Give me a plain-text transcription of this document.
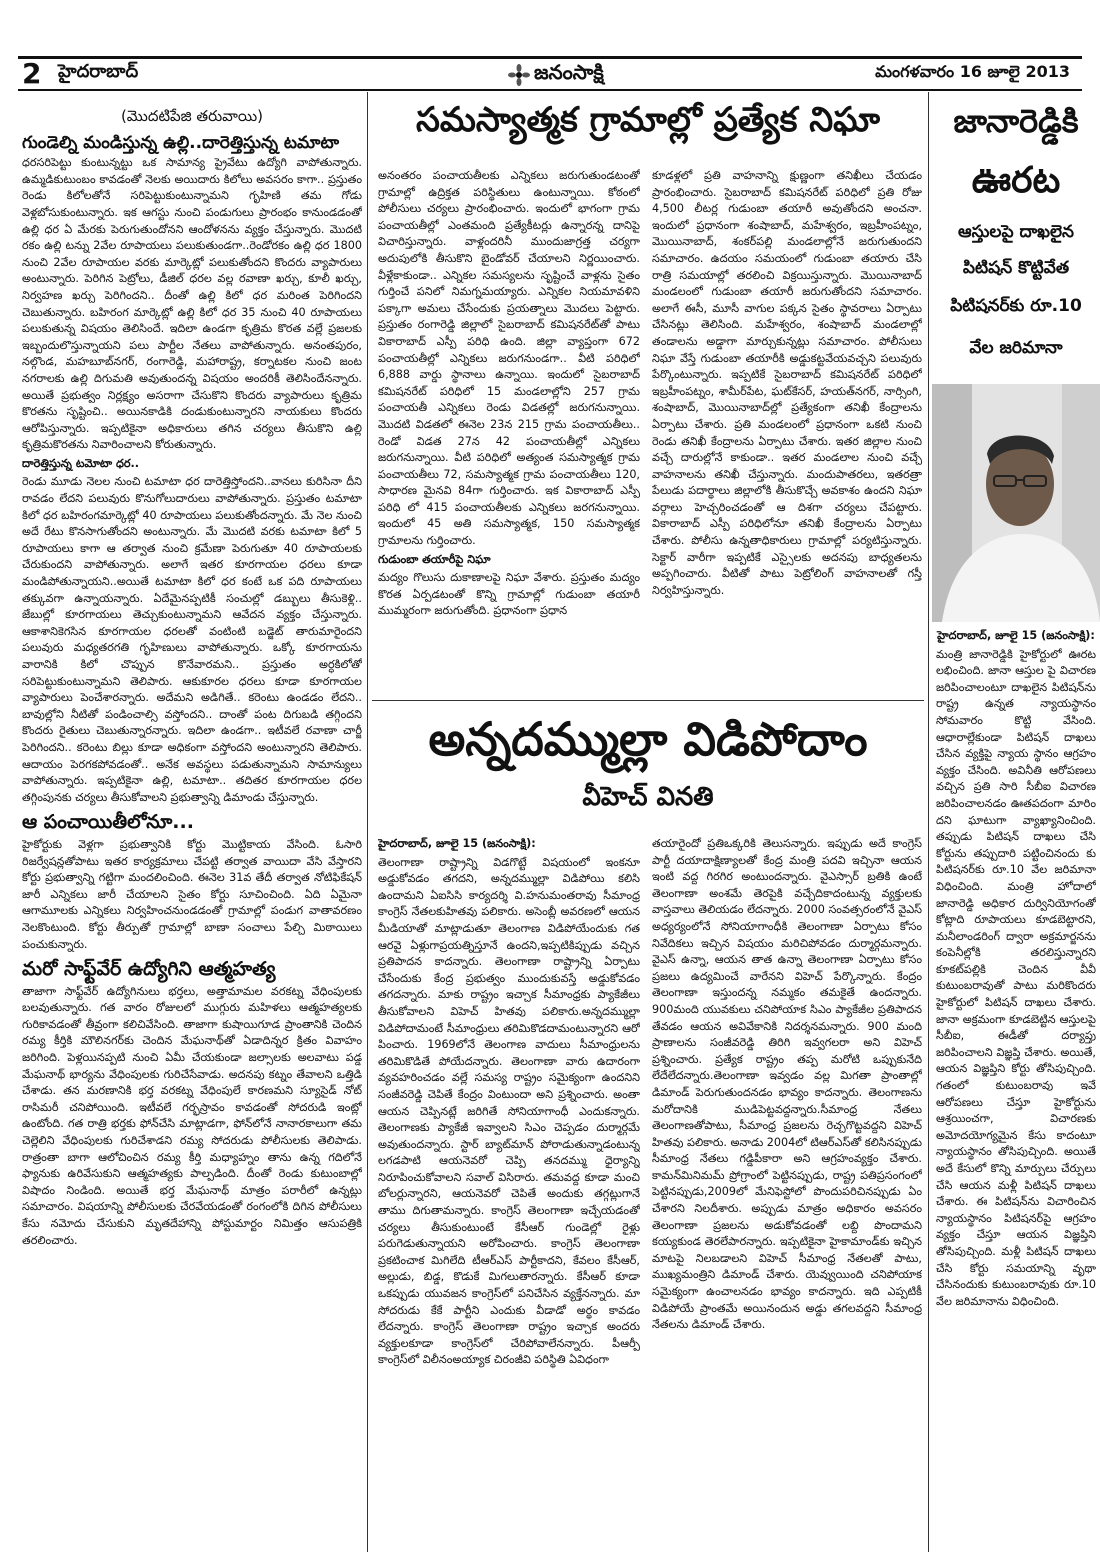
2 హైదరాబాద్	జనంసాక్షి	మంగళవారం 16 జూలై 2013
(మొదటిపేజి తరువాయి)
గుండెల్ని మండిస్తున్న ఉల్లి..దారెత్తిస్తున్న టమాటా

ధరసరిపెట్టు కుంటున్నట్టు ఒక సామాన్య ప్రైవేటు ఉద్యోగి వాపోతున్నారు. ఉమ్మడికుటుంబం కావడంతో నెలకు అయిదారు కిలోలు అవసరం కాగా.. ప్రస్తుతం రెండు కిలోలతోనే సరిపెట్టుకుంటున్నామని గృహిణి తమ గోడు వెళ్లబోసుకుంటున్నారు. ఇక ఆగస్టు నుంచి పండుగులు ప్రారంభం కానుండడంతో ఉల్లి ధర ఏ మేరకు పెరుగుతుందోనని ఆందోళనను వ్యక్తం చేస్తున్నారు. మొదటి రకం ఉల్లి టన్ను 2వేల రూపాయలు పలుకుతుండగా..రెండోరకం ఉల్లి ధర 1800 నుంచి 2వేల రూపాయల వరకు మార్కెట్లో పలుకుతోందని కొందరు వ్యాపారులు అంటున్నారు. పెరిగిన పెట్రోలు, డీజిల్ ధరల వల్ల రవాణా ఖర్చు, కూలీ ఖర్చు, నిర్వహణ ఖర్చు పెరిగిందని.. దీంతో ఉల్లి కిలో ధర మరింత పెరిగిందని చెబుతున్నారు. బహిరంగ మార్కెట్లో ఉల్లి కిలో ధర 35 నుంచి 40 రూపాయలు పలుకుతున్న విషయం తెలిసిందే. ఇదిలా ఉండగా కృత్రిమ కొరత వల్లే ప్రజలకు ఇబ్బందులొస్తున్నాయని పలు పార్టీల నేతలు వాపోతున్నారు. అనంతపురం, నల్గొండ, మహబూబ్‌నగర్, రంగారెడ్డి, మహారాష్ట్ర, కర్నాటకల నుంచి జంట నగరాలకు ఉల్లి దిగుమతి అవుతుందన్న విషయం అందరికీ తెలిసిందేనన్నారు. అయితే ప్రభుత్వం నిర్లక్ష్యం అసరాగా చేసుకొని కొందరు వ్యాపారులు కృత్రిమ కొరతను సృష్టించి.. అయినకాడికి దండుకుంటున్నారని నాయకులు కొందరు ఆరోపిస్తున్నారు. ఇప్పటికైనా అధికారులు తగిన చర్యలు తీసుకొని ఉల్లి కృత్రిమకొరతను నివారించాలని కోరుతున్నారు.

దారెత్తిస్తున్న టమోటా ధర..

రెండు మూడు నెలల నుంచి టమాటా ధర దారెత్తిస్తోందని..వానలు కురిసినా దీని రావడం లేదని పలువురు కొనుగోలుదారులు వాపోతున్నారు. ప్రస్తుతం టమాటా కిలో ధర బహిరంగమార్కెట్లో 40 రూపాయలు పలుకుతోందన్నారు. మే నెల నుంచి అదే రేటు కొనసాగుతోందని అంటున్నారు. మే మొదటి వరకు టమాటా కిలో 5 రూపాయలు కాగా ఆ తర్వాత నుంచి క్రమేణా పెరుగుతూ 40 రూపాయలకు చేరుకుందని వాపోతున్నారు. అలాగే ఇతర కూరగాయల ధరలు కూడా మండిపోతున్నాయని..అయితే టమాటా కిలో ధర కంటే ఒక పది రూపాయలు తక్కువగా ఉన్నాయన్నారు. ఏదేమైనప్పటికీ సంచుల్లో డబ్బులు తీసుకెళ్లి.. జేబుల్లో కూరగాయలు తెచ్చుకుంటున్నామని ఆవేదన వ్యక్తం చేస్తున్నారు. ఆకాశానికెగసిన కూరగాయల ధరలతో వంటింటి బడ్జెట్ తారుమారైందని పలువురు మధ్యతరగతి గృహిణులు వాపోతున్నారు. ఒక్కో కూరగాయను వారానికి కిలో చొప్పున కొనేవారమని.. ప్రస్తుతం అర్ధకిలోతో సరిపెట్టుకుంటున్నామని తెలిపారు. ఆకుకూరల ధరలు కూడా కూరగాయల వ్యాపారులు పెంచేశారన్నారు. అదేమని అడిగితే.. కరెంటు ఉండడం లేదని.. బావుల్లోని నీటితో పండించాల్సి వస్తోందని.. దాంతో పంట దిగుబడి తగ్గిందని కొందరు రైతులు చెబుతున్నారన్నారు. ఇదిలా ఉండగా.. ఇటీవలే రవాణా చార్జీ పెరిగిందని.. కరెంటు బిల్లు కూడా అధికంగా వస్తోందని అంటున్నారని తెలిపారు. ఆదాయం పెరగకపోవడంతో.. అనేక అవస్థలు పడుతున్నామని సామాన్యులు వాపోతున్నారు. ఇప్పటికైనా ఉల్లి, టమాటా.. తదితర కూరగాయల ధరల తగ్గింపునకు చర్యలు తీసుకోవాలని ప్రభుత్వాన్ని డిమాండు చేస్తున్నారు.

ఆ పంచాయితీలోనూ...

హైకోర్టుకు వెళ్లగా ప్రభుత్వానికి కోర్టు మొట్టికాయ వేసింది. ఓసారి రిజర్వేషన్లతోపాటు ఇతర కార్యక్రమాలు చేపట్టి తర్వాత వాయిదా వేసి వేస్తారని కోర్టు ప్రభుత్వాన్ని గట్టిగా మందలించింది. ఈనెల 31వ తేదీ తర్వాత నోటిఫికేషన్ జారీ ఎన్నికలు జారీ చేయాలని సైతం కోర్టు సూచించింది. ఏది ఏమైనా ఆగామూలకు ఎన్నికలు నిర్వహించనుండడంతో గ్రామాల్లో పండుగ వాతావరణం నెలకొంటుంది. కోర్టు తీర్పుతో గ్రామాల్లో బాణా సంచాలు పేల్చి మిఠాయిలు పంచుకున్నారు.

మరో సాఫ్ట్‌వేర్ ఉద్యోగిని ఆత్మహత్య

తాజాగా సాఫ్ట్‌వేర్ ఉద్యోగినులు భర్తలు, అత్తామామల వరకట్న వేధింపులకు బలవుతున్నారు. గత వారం రోజులలో ముగ్గురు మహిళలు ఆత్మహత్యలకు గురికావడంతో తీవ్రంగా కలిచివేసింది. తాజాగా కుషాయిగూడ ప్రాంతానికి చెందిన రమ్య కీర్తికి మౌలినగర్‌కు చెందిన మేఘనాథ్‌తో ఏడాదిన్నర క్రితం వివాహం జరిగింది. పెళ్లయినప్పటి నుంచి ఏమీ చేయకుండా జల్సాలకు అలవాటు పడ్డ మేఘనాథ్ భార్యను వేధింపులకు గురిచేసేవాడు. అదనపు కట్నం తేవాలని ఒత్తిడి చేశాడు. తన మరణానికి భర్త వరకట్న వేధింపులే కారణమని స్యూసైడ్ నోట్ రాసిమరీ చనిపోయింది. ఇటీవలే గర్భస్రావం కావడంతో సోదరుడి ఇంట్లో ఉంటోంది. గత రాత్రి భర్తకు ఫోన్‌చేసి మాట్లాడగా, ఫోన్‌లోనే నానారకాలుగా తమ చెల్లెలిని వేధింపులకు గురిచేశాడని రమ్య సోదరుడు పోలీసులకు తెలిపాడు. రాత్రంతా బాగా ఆలోచించిన రమ్య కీర్తి మధ్యాహ్నం తాను ఉన్న గదిలోనే ఫ్యానుకు ఉరివేసుకుని ఆత్మహత్యకు పాల్పడింది. దీంతో రెండు కుటుంబాల్లో విషాదం నిండింది. అయితే భర్త మేఘనాథ్ మాత్రం పరారీలో ఉన్నట్లు సమాచారం. విషయాన్ని పోలీసులకు చేరవేయడంతో రంగంలోకి దిగిన పోలీసులు కేసు నమోదు చేసుకుని మృతదేహాన్ని పోస్టుమార్టం నిమిత్తం ఆసుపత్రికి తరలించారు.

సమస్యాత్మక గ్రామాల్లో ప్రత్యేక నిఘా

అనంతరం పంచాయతీలకు ఎన్నికలు జరుగుతుండటంతో గ్రామాల్లో ఉద్రిక్తత పరిస్థితులు ఉంటున్నాయి. కోఠంలో పోలీసులు చర్యలు ప్రారంభించారు. ఇందులో భాగంగా గ్రామ పంచాయతీల్లో ఎంతమంది ప్రత్యేకీటర్లు ఉన్నారన్న దానిపై విచారిస్తున్నారు. వాళ్లందరినీ ముందుజాగ్రత్త చర్యగా అదుపులోకి తీసుకొని బైండోవర్ చేయాలని నిర్ణయించారు. వీళ్లేకాకుండా.. ఎన్నికల సమస్యలను సృష్టించే వాళ్లను సైతం గుర్తించే పనిలో నిమగ్నమయ్యారు. ఎన్నికల నియమావళిని పక్కాగా అమలు చేసేందుకు ప్రయత్నాలు మొదలు పెట్టారు. ప్రస్తుతం రంగారెడ్డి జిల్లాలో సైబరాబాద్ కమిషనరేట్‌తో పాటు వికారాబాద్ ఎస్పీ పరిధి ఉంది. జిల్లా వ్యాప్తంగా 672 పంచాయతీల్లో ఎన్నికలు జరుగనుండగా.. వీటి పరిధిలో 6,888 వార్డు స్థానాలు ఉన్నాయి. ఇందులో సైబరాబాద్ కమిషనరేట్ పరిధిలో 15 మండలాల్లోని 257 గ్రామ పంచాయతీ ఎన్నికలు రెండు విడతల్లో జరుగనున్నాయి. మొదటి విడతలో ఈనెల 23న 215 గ్రామ పంచాయతీలు.. రెండో విడత 27న 42 పంచాయతీల్లో ఎన్నికలు జరుగనున్నాయి. వీటి పరిధిలో అత్యంత సమస్యాత్మక గ్రామ పంచాయతీలు 72, సమస్యాత్మక గ్రామ పంచాయతీలు 120, సాధారణ మైనవి 84గా గుర్తించారు. ఇక వికారాబాద్ ఎస్పీ పరిధి లో 415 పంచాయతీలకు ఎన్నికలు జరగనున్నాయి. ఇందులో 45 అతి సమస్యాత్మక, 150 సమస్యాత్మక గ్రామాలను గుర్తించారు.

గుడుంబా తయారీపై నిఘా

మద్యం గొలుసు దుకాణాలపై నిఘా వేశారు. ప్రస్తుతం మద్యం కొరత ఏర్పడటంతో కొన్ని గ్రామాల్లో గుడుంబా తయారీ ముమ్మరంగా జరుగుతోంది. ప్రధానంగా ప్రధాన

కూడళ్లలో ప్రతి వాహనాన్ని క్షుణ్ణంగా తనిఖీలు చేయడం ప్రారంభించారు. సైబరాబాద్ కమిషనరేట్ పరిధిలో ప్రతి రోజు 4,500 లీటర్ల గుడుంబా తయారీ అవుతోందని అంచనా. ఇందులో ప్రధానంగా శంషాబాద్, మహేశ్వరం, ఇబ్రహీంపట్నం, మొయినాబాద్, శంకర్‌పల్లి మండలాల్లోనే జరుగుతుందని సమాచారం. ఉదయం సమయంలో గుడుంబా తయారు చేసి రాత్రి సమయాల్లో తరలించి విక్రయిస్తున్నారు. మొయినాబాద్ మండలంలో గుడుంబా తయారీ జరుగుతోందని సమాచారం. అలాగే ఈసీ, మూసీ వాగుల పక్కన సైతం స్థావరాలు ఏర్పాటు చేసినట్లు తెలిసింది. మహేశ్వరం, శంషాబాద్ మండలాల్లో తండాలను అడ్డాగా మార్చుకున్నట్లు సమాచారం. పోలీసులు నిఘా వేస్తే గుడుంబా తయారీకి అడ్డుకట్టవేయవచ్చని పలువురు పేర్కొంటున్నారు. ఇప్పటికే సైబరాబాద్ కమిషనరేట్ పరిధిలో ఇబ్రహీంపట్నం, శామీర్‌పేట, ఘట్‌కేసర్, హయత్‌నగర్, నార్సింగి, శంషాబాద్, మొయినాబాద్‌ల్లో ప్రత్యేకంగా తనిఖీ కేంద్రాలను ఏర్పాటు చేశారు. ప్రతి మండలంలో ప్రధానంగా ఒకటి నుంచి రెండు తనిఖీ కేంద్రాలను ఏర్పాటు చేశారు. ఇతర జిల్లాల నుంచి వచ్చే దారుల్లోనే కాకుండా.. ఇతర మండలాల నుంచి వచ్చే వాహనాలను తనిఖీ చేస్తున్నారు. మందుపాతరలు, ఇతరత్రా పేలుడు పదార్థాలు జిల్లాలోకి తీసుకొచ్చే అవకాశం ఉందని నిఘా వర్గాలు హెచ్చరించడంతో ఆ దిశగా చర్యలు చేపట్టారు. వికారాబాద్ ఎస్పీ పరిధిలోనూ తనిఖీ కేంద్రాలను ఏర్పాటు చేశారు. పోలీసు ఉన్నతాధికారులు గ్రామాల్లో పర్యటిస్తున్నారు. సెక్టార్ వారీగా ఇప్పటికే ఎస్సైలకు అదనపు బాధ్యతలను అప్పగించారు. వీటితో పాటు పెట్రోలింగ్ వాహనాలతో గస్తీ నిర్వహిస్తున్నారు.

అన్నదమ్ముల్లా విడిపోదాం
వీహెచ్ వినతి

హైదరాబాద్, జూలై 15 (జనంసాక్షి):

తెలంగాణా రాష్ట్రాన్ని విడగొట్టే విషయంలో ఇంకనూ అడ్డుకోవడం తగదని, అన్నదమ్ముల్లా విడిపోయి కలిసి ఉందామని ఏఐసిసి కార్యదర్శి వి.హనుమంతరావు సీమాంధ్ర కాంగ్రెస్ నేతలకుహితవు పలికారు. అసెంబ్లీ అవరణలో ఆయన మీడియాతో మాట్లాడుతూ తెలంగాణ విడిపోయేందుకు గత ఆరవై ఏళ్లుగాప్రయత్నిస్తూనే ఉందని,ఇప్పటికిప్పుడు వచ్చిన ప్రతిపాదన కాదన్నారు. తెలంగాణా రాష్ట్రాన్ని ఏర్పాటు చేసేందుకు కేంద్ర ప్రభుత్వం ముందుకువస్తే అడ్డుకోవడం తగదన్నారు. మాకు రాష్ట్రం ఇచ్చాక సీమాంధ్రకు ప్యాకేజీలు తీసుకోవాలని విహెచ్ హితవు పలికారు.అన్నదమ్ముల్లా విడిపోదామంటే సీమాంధ్రులు తరిమికొడదామంటున్నారని ఆరో పించారు. 1969లోనే తెలంగాణ వాదులు సీమాంధ్రులను తరిమికొడితే పోయేదన్నారు. తెలంగాణా వారు ఉదారంగా వ్యవహరించడం వల్లే సమస్య రాష్ట్రం సమైక్యంగా ఉందనిని సంజీవరెడ్డి చెపితే కేంద్రం వింటుందా అని ప్రశ్నించారు. అంతా ఆయన చెప్పినట్లే జరిగితే సోనియాగాంధీ ఎందుకన్నారు. తెలంగాణకు ప్యాకేజీ ఇవ్వాలని సిఎం చెప్పడం దుర్మార్గమే అవుతుందన్నారు. స్టార్ బ్యాట్‌మాన్ పోరాడుతున్నాడంటున్న లగడపాటి ఆయనెవరో చెప్పి తనదమ్ము ధైర్యాన్ని నిరూపించుకోవాలని సవాల్ విసిరారు. తమవద్ద కూడా మంచి బోలర్లున్నారని, ఆయనెవరో చెపితే అందుకు తగ్గట్లుగానే తాము దిగుతామన్నారు. కాంగ్రెస్ తెలంగాణా ఇచ్చేయడంతో చర్యలు తీసుకుంటుంటే కేసీఆర్ గుండెల్లో రైళ్లు పరుగెడుతున్నాయని అరోపించారు. కాంగ్రెస్ తెలంగాణా ప్రకటించాక మిగిలేది టీఆర్ఎస్ పార్టీకాదని, కేవలం కేసీఆర్, అల్లుడు, బిడ్డ, కొడుకే మిగలుతారన్నారు. కేసీఆర్ కూడా ఒకప్పుడు యువజన కాంగ్రెస్‌లో పనిచేసిన వ్యక్తేనన్నారు. మా సోదరుడు కేకే పార్టీని ఎందుకు వీడాడో అర్థం కావడం లేదన్నారు. కాంగ్రెస్ తెలంగాణా రాష్ట్రం ఇచ్చాక అందరు వ్యక్తులకూడా కాంగ్రెస్‌లో చేరిపోవాలేనన్నారు. పీఆర్పీ కాంగ్రెస్‌లో విలీనంఅయ్యాక చిరంజీవి పరిస్థితి ఏవిధంగా

తయారైందో ప్రతిఒక్కరికి తెలుసన్నారు. ఇప్పుడు అదే కాంగ్రెస్ పార్టీ దయాదాక్షిణ్యాలతో కేంద్ర మంత్రి పదవి ఇచ్చినా ఆయన ఇంటి వద్ద గిరగిర అంటుందన్నారు. వైఎస్సార్ బ్రతికి ఉంటే తెలంగాణా అంశమే తెరపైకి వచ్చేదికాదంటున్న వ్యక్తులకు వాస్తవాలు తెలియడం లేదన్నారు. 2000 సంవత్సరంలోనే వైఎస్ అధ్యర్యంలోనే సోనియాగాంధీకి తెలంగాణా ఏర్పాటు కోసం నివేదికలు ఇచ్చిన విషయం మరిచిపోవడం దుర్మార్గమన్నారు. వైఎస్ ఉన్నా, ఆయన తాత ఉన్నా తెలంగాణా ఏర్పాటు కోసం ప్రజలు ఉద్యమించే వారేనని విహెచ్ పేర్కొన్నారు. కేంద్రం తెలంగాణా ఇస్తుందన్న నమ్మకం తమకైతే ఉందన్నారు. 900మంది యువకులు చనిపోయాక సిఎం ప్యాకేజీల ప్రతిపాదన తేవడం ఆయన అవివేకానికి నిదర్శనమన్నారు. 900 మంది ప్రాణాలను సంజీవరెడ్డి తిరిగి ఇవ్వగలరా అని విహెచ్ ప్రశ్నించారు. ప్రత్యేక రాష్ట్రం తప్ప మరోటి ఒప్పుకునేది లేదేలేదన్నారు.తెలంగాణా ఇవ్వడం వల్ల మిగతా ప్రాంతాల్లో డిమాండ్ పెరుగుతుందనడం భావ్యం కాదన్నారు. తెలంగాణను మరోదానికి ముడిపెట్టవద్దన్నారు.సీమాంధ్ర నేతలు తెలంగాణతోపాటు, సీమాంధ్ర ప్రజలను రెచ్చగొట్టవద్దని విహెచ్ హితవు పలికారు. అనాడు 2004లో టిఆర్ఎస్‌తో కలిసినప్పుడు సీమాంధ్ర నేతలు గడ్డిపీకారా అని ఆగ్రహంవ్యక్తం చేశారు. కామన్‌మినిమమ్ ప్రోగ్రాంలో పెట్టినప్పుడు, రాష్ట్ర పతిప్రసంగంలో పెట్టినప్పుడు,2009లో మేనిఫెస్టోలో పొందుపరిచినప్పుడు ఏం చేశారని నిలదీశారు. అప్పుడు మాత్రం అధికారం అవసరం తెలంగాణా ప్రజలను అడుకోవడంతో లబ్ది పొందామని కయ్యకుండ తెరలేపారన్నారు. ఇప్పటికైనా హైకామాండ్‌కు ఇచ్చిన మాటపై నిలబడాలని విహెచ్ సీమాంధ్ర నేతలతో పాటు, ముఖ్యమంత్రిని డిమాండ్ చేశారు. యెవ్వుయింది చనిపోయాక సమైక్యంగా ఉంచాలనడం భావ్యం కాదన్నారు. ఇది ఎప్పటికీ విడిపోయే ప్రాంతమే అయినందున అడ్డు తగలవద్దని సీమాంధ్ర నేతలను డిమాండ్ చేశారు.

జానారెడ్డికి
ఊరట
ఆస్తులపై దాఖలైన
పిటిషన్ కొట్టివేత
పిటిషనర్‌కు రూ.10
వేల జరిమానా

హైదరాబాద్, జూలై 15 (జనంసాక్షి):

మంత్రి జానారెడ్డికి హైకోర్టులో ఊరట లభించింది. జానా ఆస్తుల పై విచారణ జరిపించాలంటూ దాఖలైన పిటిషన్‌ను రాష్ట్ర ఉన్నత న్యాయస్థానం సోమవారం కొట్టి వేసింది. ఆధారాల్లేకుండా పిటిషన్ దాఖలు చేసిన వ్యక్తిపై న్యాయ స్థానం ఆగ్రహం వ్యక్తం చేసింది. అవినీతి ఆరోపణలు వచ్చిన ప్రతి సారి సీబీఐ విచారణ జరిపించాలనడం ఊతపదంగా మారిం దని ఘాటుగా వ్యాఖ్యానించింది. తప్పుడు పిటిషన్ దాఖలు చేసి కోర్టును తప్పుదారి పట్టించినందు కు పిటిషనర్‌కు రూ.10 వేల జరిమానా విధించింది. మంత్రి హోదాలో జానారెడ్డి అధికార దుర్వినియోగంతో కోట్లాది రూపాయలు కూడబెట్టారని, మనీలాండరింగ్ ద్వారా అక్రమార్జనను కంపెనీల్లోకి తరలిస్తున్నారని కూకట్‌పల్లికి చెందిన వీవీ కుటుంబరావుతో పాటు మరికొందరు హైకోర్టులో పిటిషన్ దాఖలు చేశారు. జానా అక్రమంగా కూడబెట్టిన ఆస్తులపై సీబీఐ, ఈడీతో దర్యాప్తు జరిపించాలని విజ్ఞప్తి చేశారు. అయితే, ఆయన విజ్ఞప్తిని కోర్టు తోసిపుచ్చింది. గతంలో కుటుంబరావు ఇవే ఆరోపణలు చేస్తూ హైకోర్టును ఆశ్రయించగా, విచారణకు అమోదయోగ్యమైన కేసు కాదంటూ న్యాయస్థానం తోసిపుచ్చింది. అయితే అదే కేసులో కొన్ని మార్పులు చేర్పులు చేసి ఆయన మళ్లీ పిటిషన్ దాఖలు చేశారు. ఈ పిటిషన్‌ను విచారించిన న్యాయస్థానం పిటిషనర్‌పై ఆగ్రహం వ్యక్తం చేస్తూ ఆయన విజ్ఞప్తిని తోసిపుచ్చింది. మళ్లీ పిటిషన్ దాఖలు చేసి కోర్టు సమయాన్ని వృథా చేసినందుకు కుటుంబరావుకు రూ.10 వేల జరిమానాను విధించింది.
